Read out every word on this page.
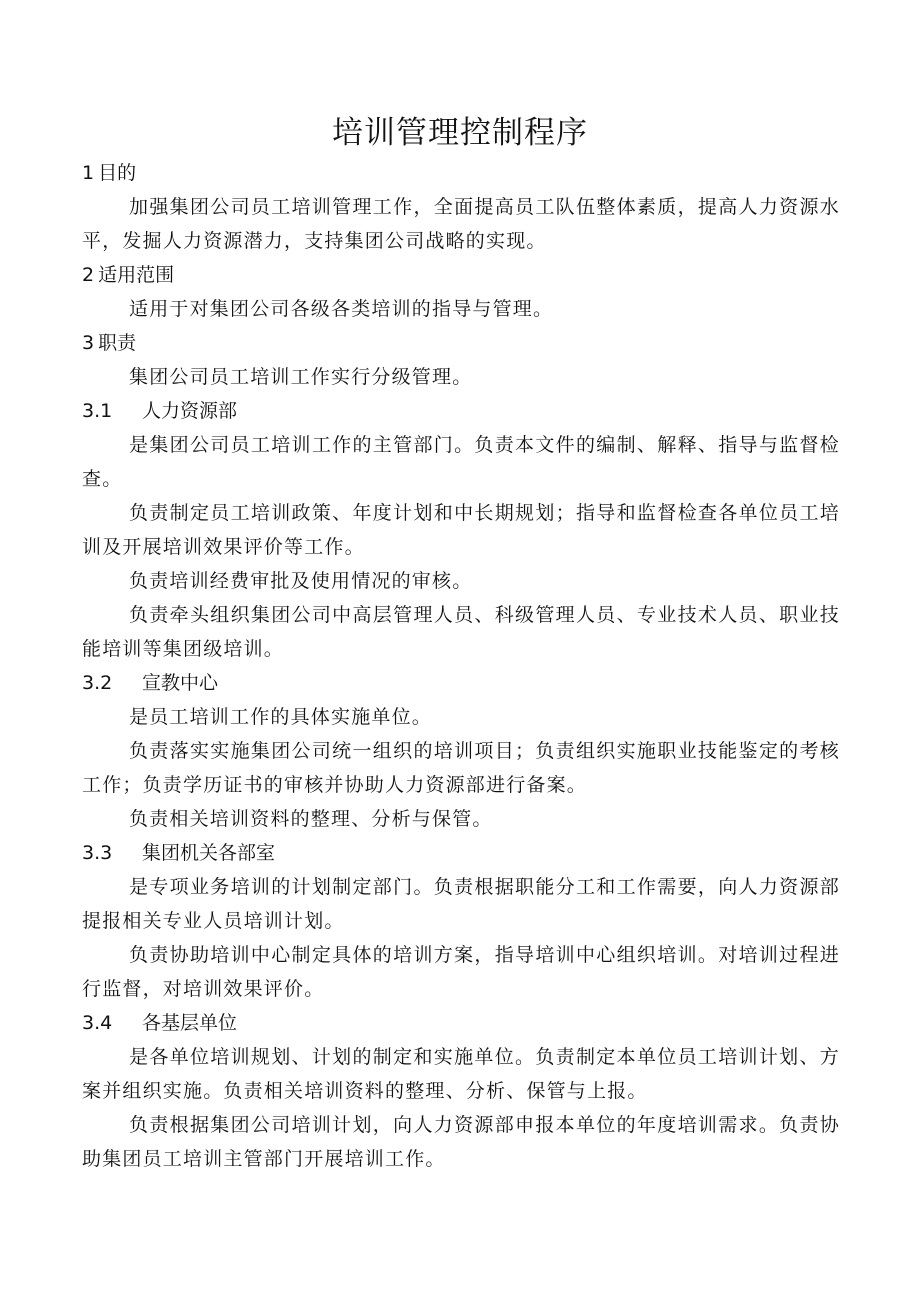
培训管理控制程序
1 目的

加强集团公司员工培训管理工作，全面提高员工队伍整体素质，提高人力资源水平，发掘人力资源潜力，支持集团公司战略的实现。

2 适用范围

适用于对集团公司各级各类培训的指导与管理。

3 职责

集团公司员工培训工作实行分级管理。

3.1 人力资源部

是集团公司员工培训工作的主管部门。负责本文件的编制、解释、指导与监督检查。

负责制定员工培训政策、年度计划和中长期规划；指导和监督检查各单位员工培训及开展培训效果评价等工作。

负责培训经费审批及使用情况的审核。

负责牵头组织集团公司中高层管理人员、科级管理人员、专业技术人员、职业技能培训等集团级培训。

3.2 宣教中心

是员工培训工作的具体实施单位。

负责落实实施集团公司统一组织的培训项目；负责组织实施职业技能鉴定的考核工作；负责学历证书的审核并协助人力资源部进行备案。

负责相关培训资料的整理、分析与保管。

3.3 集团机关各部室

是专项业务培训的计划制定部门。负责根据职能分工和工作需要，向人力资源部提报相关专业人员培训计划。

负责协助培训中心制定具体的培训方案，指导培训中心组织培训。对培训过程进行监督，对培训效果评价。

3.4 各基层单位

是各单位培训规划、计划的制定和实施单位。负责制定本单位员工培训计划、方案并组织实施。负责相关培训资料的整理、分析、保管与上报。

负责根据集团公司培训计划，向人力资源部申报本单位的年度培训需求。负责协助集团员工培训主管部门开展培训工作。
